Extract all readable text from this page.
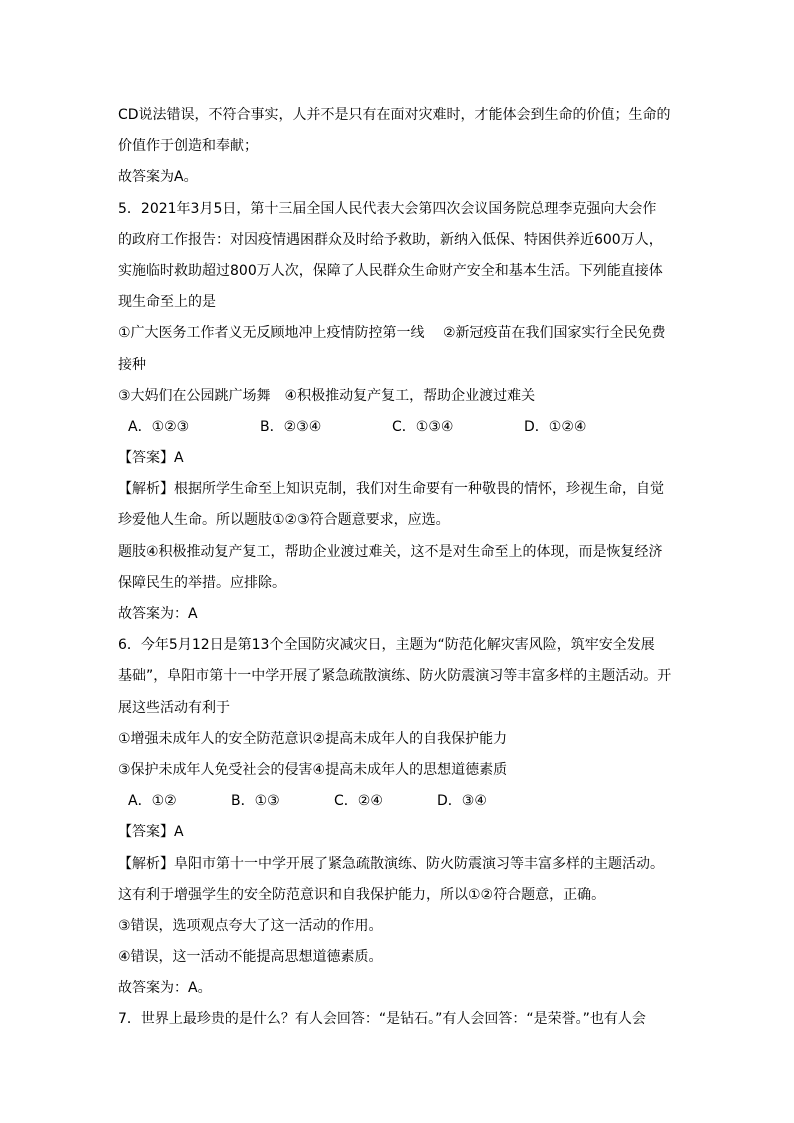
CD说法错误，不符合事实，人并不是只有在面对灾难时，才能体会到生命的价值；生命的
价值作于创造和奉献；
故答案为A。
5．2021年3月5日，第十三届全国人民代表大会第四次会议国务院总理李克强向大会作
的政府工作报告：对因疫情遇困群众及时给予救助，新纳入低保、特困供养近600万人，
实施临时救助超过800万人次，保障了人民群众生命财产安全和基本生活。下列能直接体
现生命至上的是
①广大医务工作者义无反顾地冲上疫情防控第一线　 ②新冠疫苗在我们国家实行全民免费
接种
③大妈们在公园跳广场舞　④积极推动复产复工，帮助企业渡过难关
A．①②③	B．②③④	C．①③④	D．①②④
【答案】A
【解析】根据所学生命至上知识克制，我们对生命要有一种敬畏的情怀，珍视生命，自觉
珍爱他人生命。所以题肢①②③符合题意要求，应选。
题肢④积极推动复产复工，帮助企业渡过难关，这不是对生命至上的体现，而是恢复经济
保障民生的举措。应排除。
故答案为：A
6．今年5月12日是第13个全国防灾减灾日，主题为“防范化解灾害风险，筑牢安全发展
基础”，阜阳市第十一中学开展了紧急疏散演练、防火防震演习等丰富多样的主题活动。开
展这些活动有利于
①增强未成年人的安全防范意识②提高未成年人的自我保护能力
③保护未成年人免受社会的侵害④提高未成年人的思想道德素质
A．①②	B．①③	C．②④	D．③④
【答案】A
【解析】阜阳市第十一中学开展了紧急疏散演练、防火防震演习等丰富多样的主题活动。
这有利于增强学生的安全防范意识和自我保护能力，所以①②符合题意，正确。
③错误，选项观点夸大了这一活动的作用。
④错误，这一活动不能提高思想道德素质。
故答案为：A。
7．世界上最珍贵的是什么？有人会回答：“是钻石。”有人会回答：“是荣誉。”也有人会
